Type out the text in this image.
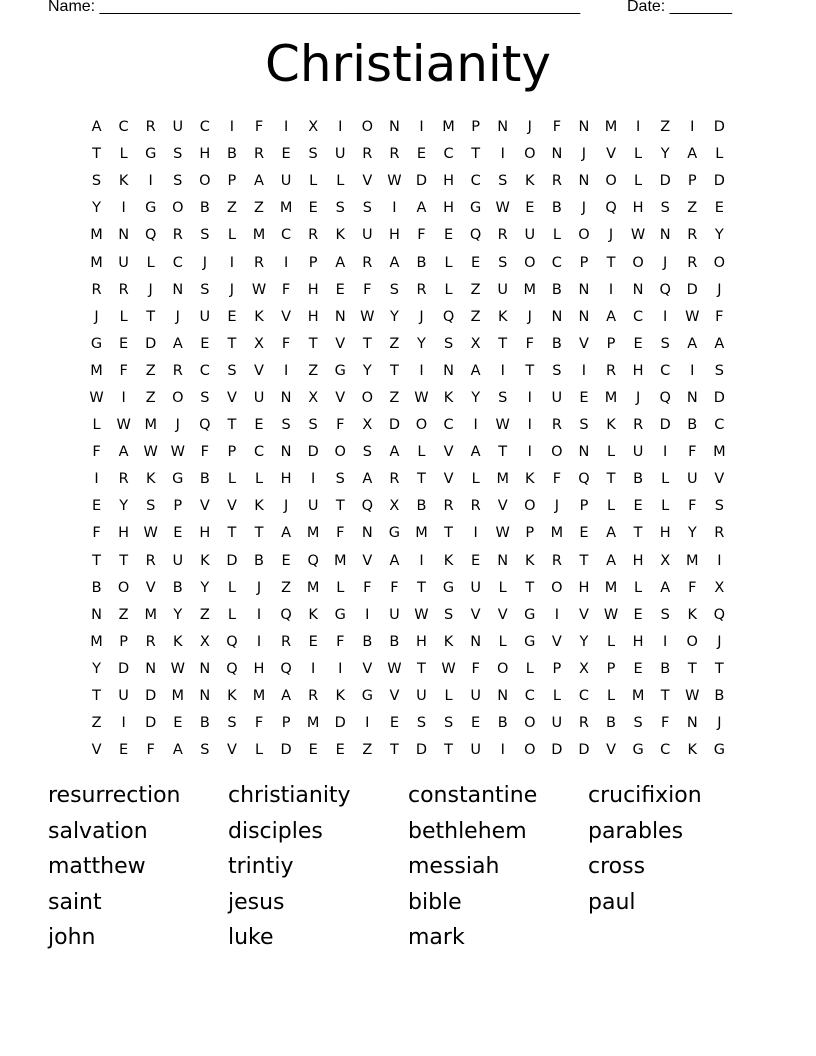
Name: ______________________________________________________	Date: _______
Christianity
A	C	R	U	C	I	F	I	X	I	O	N	I	M	P	N	J	F	N	M	I	Z	I	D
T	L	G	S	H	B	R	E	S	U	R	R	E	C	T	I	O	N	J	V	L	Y	A	L
S	K	I	S	O	P	A	U	L	L	V	W D	H	C	S	K	R	N	O	L	D	P	D
Y	I	G	O	B	Z	Z	M	E	S	S	I	A	H	G W	E	B	J	Q	H	S	Z	E
M	N	Q	R	S	L	M	C	R	K	U	H	F	E	Q	R	U	L	O	J	W N	R	Y
M	U	L	C	J	I	R	I	P	A	R	A	B	L	E	S	O	C	P	T	O	J	R	O
R	R	J	N	S	J	W	F	H	E	F	S	R	L	Z	U	M	B	N	I	N	Q	D	J
J	L	T	J	U	E	K	V	H	N W	Y	J	Q	Z	K	J	N	N	A	C	I	W	F
G	E	D	A	E	T	X	F	T	V	T	Z	Y	S	X	T	F	B	V	P	E	S	A	A
M	F	Z	R	C	S	V	I	Z	G	Y	T	I	N	A	I	T	S	I	R	H	C	I	S
W	I	Z	O	S	V	U	N	X	V	O	Z	W	K	Y	S	I	U	E	M	J	Q	N	D
L	W M	J	Q	T	E	S	S	F	X	D	O	C	I	W	I	R	S	K	R	D	B	C
F	A	W W	F	P	C	N	D	O	S	A	L	V	A	T	I	O	N	L	U	I	F	M
I	R	K	G	B	L	L	H	I	S	A	R	T	V	L	M	K	F	Q	T	B	L	U	V
E	Y	S	P	V	V	K	J	U	T	Q	X	B	R	R	V	O	J	P	L	E	L	F	S
F	H W	E	H	T	T	A	M	F	N	G	M	T	I	W	P	M	E	A	T	H	Y	R
T	T	R	U	K	D	B	E	Q	M	V	A	I	K	E	N	K	R	T	A	H	X	M	I
B	O	V	B	Y	L	J	Z	M	L	F	F	T	G	U	L	T	O	H	M	L	A	F	X
N	Z	M	Y	Z	L	I	Q	K	G	I	U	W	S	V	V	G	I	V	W	E	S	K	Q
M	P	R	K	X	Q	I	R	E	F	B	B	H	K	N	L	G	V	Y	L	H	I	O	J
Y	D	N W N	Q	H	Q	I	I	V	W	T	W	F	O	L	P	X	P	E	B	T	T
T	U	D	M	N	K	M	A	R	K	G	V	U	L	U	N	C	L	C	L	M	T	W	B
Z	I	D	E	B	S	F	P	M	D	I	E	S	S	E	B	O	U	R	B	S	F	N	J
V	E	F	A	S	V	L	D	E	E	Z	T	D	T	U	I	O	D	D	V	G	C	K	G
resurrection	christianity	constantine	crucifixion
salvation	disciples	bethlehem	parables
matthew	trintiy	messiah	cross
saint	jesus	bible	paul
john	luke	mark
